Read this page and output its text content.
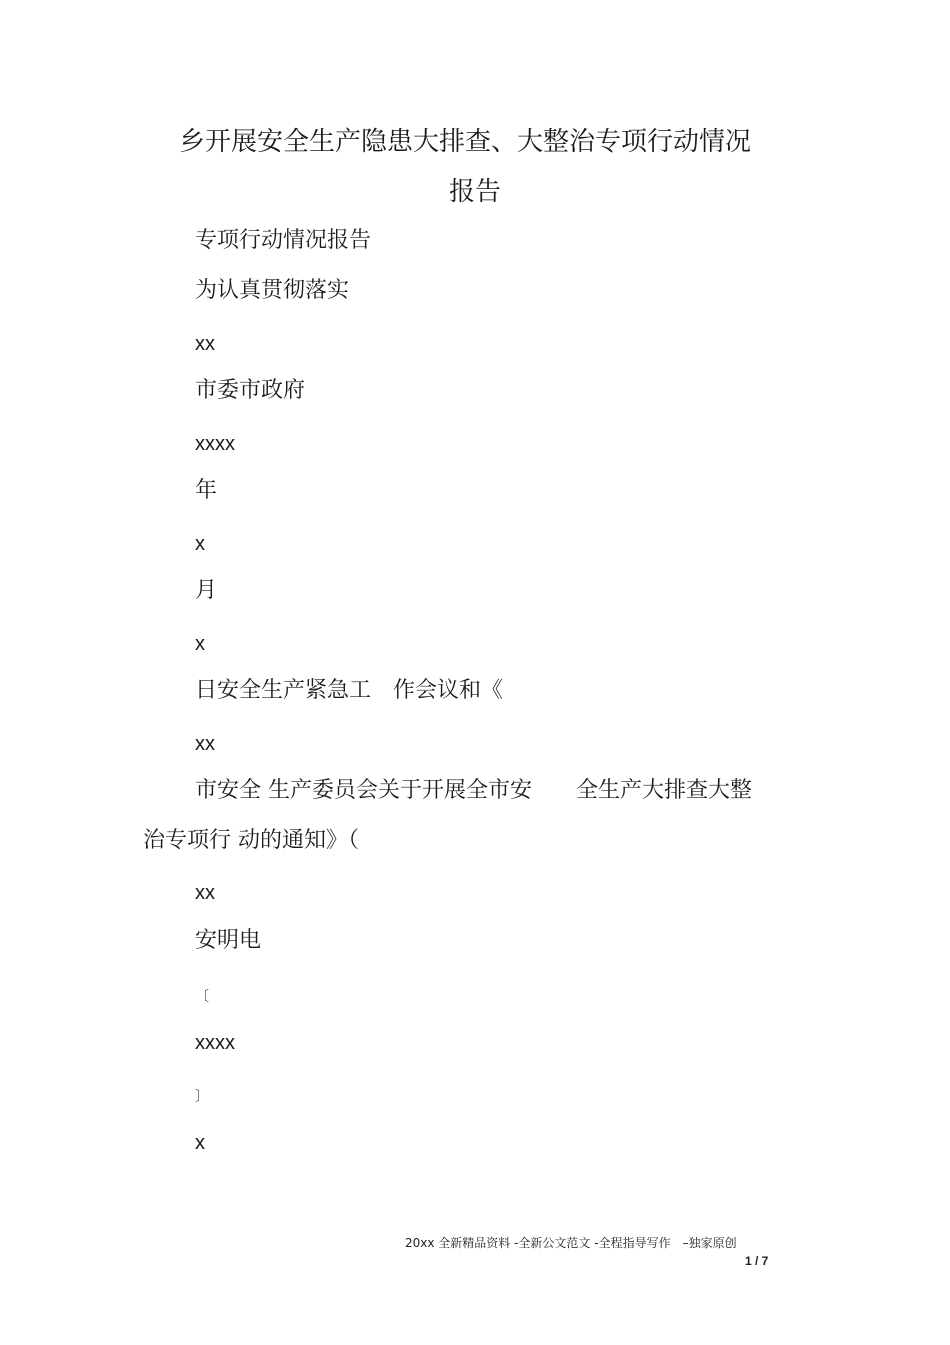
乡开展安全生产隐患大排查、大整治专项行动情况
报告
专项行动情况报告
为认真贯彻落实
xx
市委市政府
xxxx
年
x
月
x
日安全生产紧急工　作会议和《
xx
市安全 生产委员会关于开展全市安　　全生产大排查大整
治专项行 动的通知》（
xx
安明电
〔
xxxx
〕
x
20xx 全新精品资料 -全新公文范文 -全程指导写作　–独家原创
1 / 7
